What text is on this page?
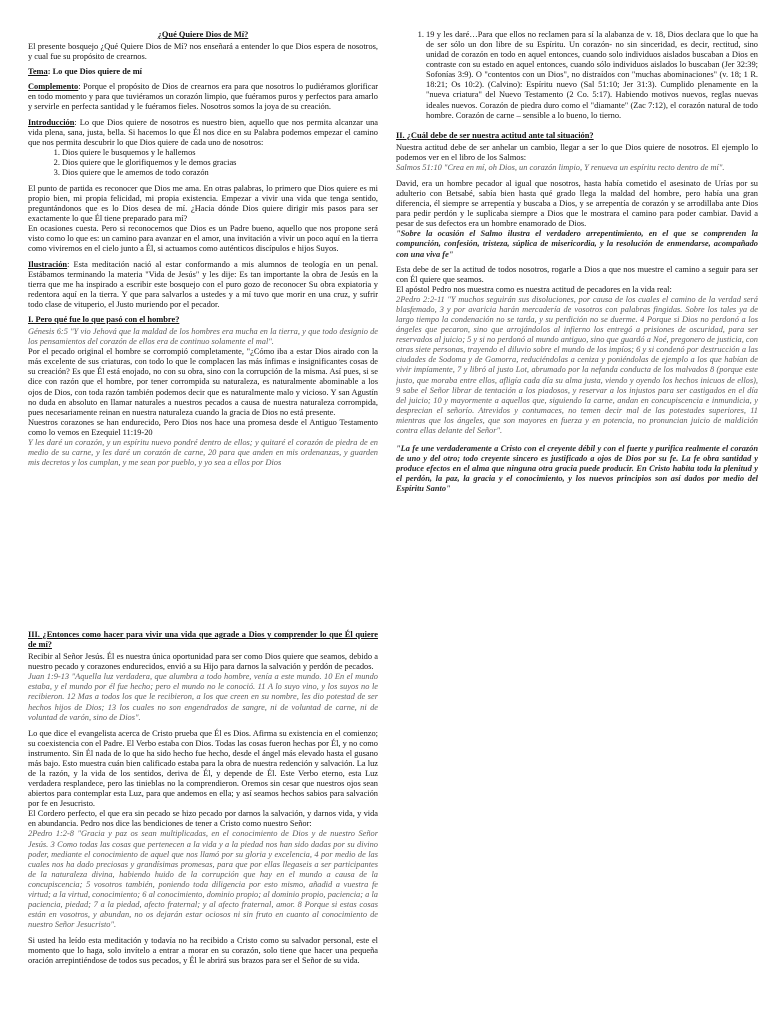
¿Qué Quiere Dios de Mí?

El presente bosquejo ¿Qué Quiere Dios de Mí? nos enseñará a entender lo que Dios espera de nosotros, y cual fue su propósito de crearnos.

Tema: Lo que Dios quiere de mí

Complemento: Porque el propósito de Dios de crearnos era para que nosotros lo pudiéramos glorificar en todo momento y para que tuviéramos un corazón limpio, que fuéramos puros y perfectos para amarlo y servirle en perfecta santidad y le fuéramos fieles. Nosotros somos la joya de su creación.

Introducción: Lo que Dios quiere de nosotros es nuestro bien, aquello que nos permita alcanzar una vida plena, sana, justa, bella. Si hacemos lo que Él nos dice en su Palabra podemos empezar el camino que nos permita descubrir lo que Dios quiere de cada uno de nosotros:

1. Dios quiere le busquemos y le hallemos
2. Dios quiere que le glorifiquemos y le demos gracias
3. Dios quiere que le amemos de todo corazón

El punto de partida es reconocer que Dios me ama. En otras palabras, lo primero que Dios quiere es mi propio bien, mi propia felicidad, mi propia existencia. Empezar a vivir una vida que tenga sentido, preguntándonos que es lo Dios desea de mí. ¿Hacia dónde Dios quiere dirigir mis pasos para ser exactamente lo que Él tiene preparado para mí?

En ocasiones cuesta. Pero si reconocemos que Dios es un Padre bueno, aquello que nos propone será visto como lo que es: un camino para avanzar en el amor, una invitación a vivir un poco aquí en la tierra como viviremos en el cielo junto a Él, si actuamos como auténticos discípulos e hijos Suyos.

Ilustración: Esta meditación nació al estar conformando a mis alumnos de teología en un penal. Estábamos terminando la materia "Vida de Jesús" y les dije: Es tan importante la obra de Jesús en la tierra que me ha inspirado a escribir este bosquejo con el puro gozo de reconocer Su obra expiatoria y redentora aquí en la tierra. Y que para salvarlos a ustedes y a mí tuvo que morir en una cruz, y sufrir todo clase de vituperio, el Justo muriendo por el pecador.

I. Pero qué fue lo que pasó con el hombre?

Génesis 6:5 "Y vio Jehová que la maldad de los hombres era mucha en la tierra, y que todo designio de los pensamientos del corazón de ellos era de continuo solamente el mal".

Por el pecado original el hombre se corrompió completamente, "¿Cómo iba a estar Dios airado con la más excelente de sus criaturas, con todo lo que le complacen las más ínfimas e insignificantes cosas de su creación? Es que Él está enojado, no con su obra, sino con la corrupción de la misma. Así pues, si se dice con razón que el hombre, por tener corrompida su naturaleza, es naturalmente abominable a los ojos de Dios, con toda razón también podemos decir que es naturalmente malo y vicioso. Y san Agustín no duda en absoluto en llamar naturales a nuestros pecados a causa de nuestra naturaleza corrompida, pues necesariamente reinan en nuestra naturaleza cuando la gracia de Dios no está presente.

Nuestros corazones se han endurecido, Pero Dios nos hace una promesa desde el Antiguo Testamento como lo vemos en Ezequiel 11:19-20

Y les daré un corazón, y un espíritu nuevo pondré dentro de ellos; y quitaré el corazón de piedra de en medio de su carne, y les daré un corazón de carne, 20 para que anden en mis ordenanzas, y guarden mis decretos y los cumplan, y me sean por pueblo, y yo sea a ellos por Dios

1. 19 y les daré…Para que ellos no reclamen para sí la alabanza de v. 18, Dios declara que lo que ha de ser sólo un don libre de su Espíritu. Un corazón- no sin sinceridad, es decir, rectitud, sino unidad de corazón en todo en aquel entonces, cuando solo individuos aislados buscaban a Dios en contraste con su estado en aquel entonces, cuando sólo individuos aislados lo buscaban (Jer 32:39; Sofonías 3:9). O "contentos con un Dios", no distraídos con "muchas abominaciones" (v. 18; 1 R. 18:21; Os 10:2). (Calvino): Espíritu nuevo (Sal 51:10; Jer 31:3). Cumplido plenamente en la "nueva criatura" del Nuevo Testamento (2 Co. 5:17). Habiendo motivos nuevos, reglas nuevas ideales nuevos. Corazón de piedra duro como el "diamante" (Zac 7:12), el corazón natural de todo hombre. Corazón de carne – sensible a lo bueno, lo tierno.

II. ¿Cuál debe de ser nuestra actitud ante tal situación?

Nuestra actitud debe de ser anhelar un cambio, llegar a ser lo que Dios quiere de nosotros. El ejemplo lo podemos ver en el libro de los Salmos:

Salmos 51:10 "Crea en mí, oh Dios, un corazón limpio, Y renueva un espíritu recto dentro de mí".

David, era un hombre pecador al igual que nosotros, hasta había cometido el asesinato de Urías por su adulterio con Betsabé, sabía bien hasta qué grado llega la maldad del hombre, pero había una gran diferencia, él siempre se arrepentía y buscaba a Dios, y se arrepentía de corazón y se arrodillaba ante Dios para pedir perdón y le suplicaba siempre a Dios que le mostrara el camino para poder cambiar. David a pesar de sus defectos era un hombre enamorado de Dios.

"Sobre la ocasión el Salmo ilustra el verdadero arrepentimiento, en el que se comprenden la compunción, confesión, tristeza, súplica de misericordia, y la resolución de enmendarse, acompañado con una viva fe"

Esta debe de ser la actitud de todos nosotros, rogarle a Dios a que nos muestre el camino a seguir para ser con Él quiere que seamos.

El apóstol Pedro nos muestra como es nuestra actitud de pecadores en la vida real:

2Pedro 2:2-11 "Y muchos seguirán sus disoluciones, por causa de los cuales el camino de la verdad será blasfemado, 3 y por avaricia harán mercadería de vosotros con palabras fingidas. Sobre los tales ya de largo tiempo la condenación no se tarda, y su perdición no se duerme. 4 Porque si Dios no perdonó a los ángeles que pecaron, sino que arrojándolos al infierno los entregó a prisiones de oscuridad, para ser reservados al juicio; 5 y si no perdonó al mundo antiguo, sino que guardó a Noé, pregonero de justicia, con otras siete personas, trayendo el diluvio sobre el mundo de los impíos; 6 y si condenó por destrucción a las ciudades de Sodoma y de Gomorra, reduciéndolas a ceniza y poniéndolas de ejemplo a los que habían de vivir impíamente, 7 y libró al justo Lot, abrumado por la nefanda conducta de los malvados 8 (porque este justo, que moraba entre ellos, afligía cada día su alma justa, viendo y oyendo los hechos inicuos de ellos), 9 sabe el Señor librar de tentación a los piadosos, y reservar a los injustos para ser castigados en el día del juicio; 10 y mayormente a aquellos que, siguiendo la carne, andan en concupiscencia e inmundicia, y desprecian el señorío. Atrevidos y contumaces, no temen decir mal de las potestades superiores, 11 mientras que los ángeles, que son mayores en fuerza y en potencia, no pronuncian juicio de maldición contra ellas delante del Señor".

"La fe une verdaderamente a Cristo con el creyente débil y con el fuerte y purifica realmente el corazón de uno y del otro; todo creyente sincero es justificado a ojos de Dios por su fe. La fe obra santidad y produce efectos en el alma que ninguna otra gracia puede producir. En Cristo habita toda la plenitud y el perdón, la paz, la gracia y el conocimiento, y los nuevos principios son así dados por medio del Espíritu Santo"

III. ¿Entonces como hacer para vivir una vida que agrade a Dios y comprender lo que Él quiere de mí?

Recibir al Señor Jesús. Él es nuestra única oportunidad para ser como Dios quiere que seamos, debido a nuestro pecado y corazones endurecidos, envió a su Hijo para darnos la salvación y perdón de pecados.

Juan 1:9-13 "Aquella luz verdadera, que alumbra a todo hombre, venía a este mundo. 10 En el mundo estaba, y el mundo por él fue hecho; pero el mundo no le conoció. 11 A lo suyo vino, y los suyos no le recibieron. 12 Mas a todos los que le recibieron, a los que creen en su nombre, les dio potestad de ser hechos hijos de Dios; 13 los cuales no son engendrados de sangre, ni de voluntad de carne, ni de voluntad de varón, sino de Dios".

Lo que dice el evangelista acerca de Cristo prueba que Él es Dios. Afirma su existencia en el comienzo; su coexistencia con el Padre. El Verbo estaba con Dios. Todas las cosas fueron hechas por Él, y no como instrumento. Sin Él nada de lo que ha sido hecho fue hecho, desde el ángel más elevado hasta el gusano más bajo. Esto muestra cuán bien calificado estaba para la obra de nuestra redención y salvación. La luz de la razón, y la vida de los sentidos, deriva de Él, y depende de Él. Este Verbo eterno, esta Luz verdadera resplandece, pero las tinieblas no la comprendieron. Oremos sin cesar que nuestros ojos sean abiertos para contemplar esta Luz, para que andemos en ella; y así seamos hechos sabios para salvación por fe en Jesucristo.

El Cordero perfecto, el que era sin pecado se hizo pecado por darnos la salvación, y darnos vida, y vida en abundancia. Pedro nos dice las bendiciones de tener a Cristo como nuestro Señor:

2Pedro 1:2-8 "Gracia y paz os sean multiplicadas, en el conocimiento de Dios y de nuestro Señor Jesús. 3 Como todas las cosas que pertenecen a la vida y a la piedad nos han sido dadas por su divino poder, mediante el conocimiento de aquel que nos llamó por su gloria y excelencia, 4 por medio de las cuales nos ha dado preciosas y grandísimas promesas, para que por ellas llegaseis a ser participantes de la naturaleza divina, habiendo huido de la corrupción que hay en el mundo a causa de la concupiscencia; 5 vosotros también, poniendo toda diligencia por esto mismo, añadid a vuestra fe virtud; a la virtud, conocimiento; 6 al conocimiento, dominio propio; al dominio propio, paciencia; a la paciencia, piedad; 7 a la piedad, afecto fraternal; y al afecto fraternal, amor. 8 Porque si estas cosas están en vosotros, y abundan, no os dejarán estar ociosos ni sin fruto en cuanto al conocimiento de nuestro Señor Jesucristo".

Si usted ha leído esta meditación y todavía no ha recibido a Cristo como su salvador personal, este el momento que lo haga, solo invítelo a entrar a morar en su corazón, solo tiene que hacer una pequeña oración arrepintiéndose de todos sus pecados, y Él le abrirá sus brazos para ser el Señor de su vida.
